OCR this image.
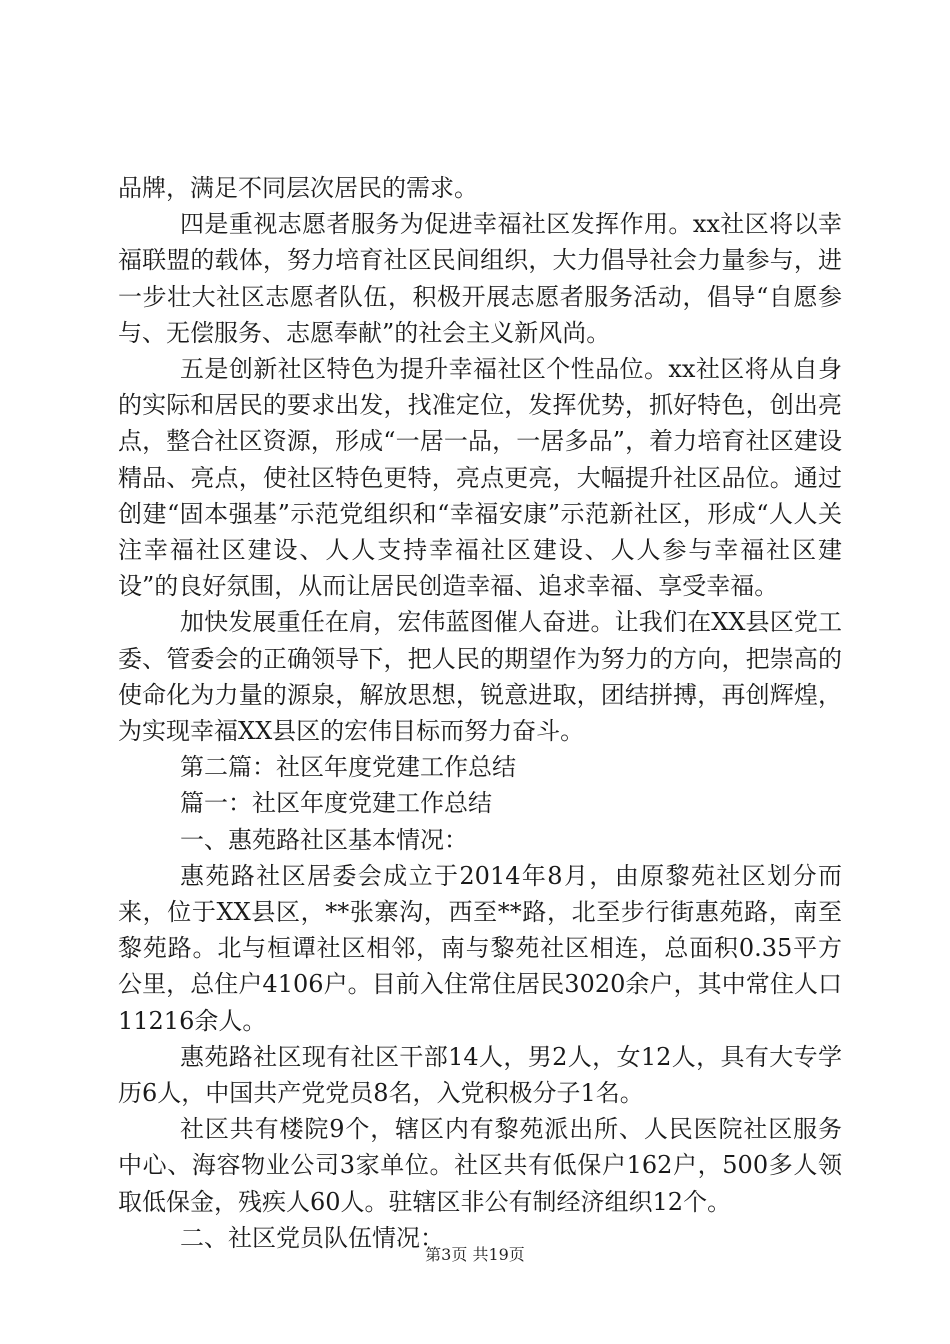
品牌，满足不同层次居民的需求。

四是重视志愿者服务为促进幸福社区发挥作用。xx社区将以幸福联盟的载体，努力培育社区民间组织，大力倡导社会力量参与，进一步壮大社区志愿者队伍，积极开展志愿者服务活动，倡导“自愿参与、无偿服务、志愿奉献”的社会主义新风尚。

五是创新社区特色为提升幸福社区个性品位。xx社区将从自身的实际和居民的要求出发，找准定位，发挥优势，抓好特色，创出亮点，整合社区资源，形成“一居一品，一居多品”，着力培育社区建设精品、亮点，使社区特色更特，亮点更亮，大幅提升社区品位。通过创建“固本强基”示范党组织和“幸福安康”示范新社区，形成“人人关注幸福社区建设、人人支持幸福社区建设、人人参与幸福社区建设”的良好氛围，从而让居民创造幸福、追求幸福、享受幸福。

加快发展重任在肩，宏伟蓝图催人奋进。让我们在XX县区党工委、管委会的正确领导下，把人民的期望作为努力的方向，把崇高的使命化为力量的源泉，解放思想，锐意进取，团结拼搏，再创辉煌，为实现幸福XX县区的宏伟目标而努力奋斗。

第二篇：社区年度党建工作总结

篇一：社区年度党建工作总结

一、惠苑路社区基本情况：

惠苑路社区居委会成立于2014年8月，由原黎苑社区划分而来，位于XX县区，**张寨沟，西至**路，北至步行街惠苑路，南至黎苑路。北与桓谭社区相邻，南与黎苑社区相连，总面积0.35平方公里，总住户4106户。目前入住常住居民3020余户，其中常住人口11216余人。

惠苑路社区现有社区干部14人，男2人，女12人，具有大专学历6人，中国共产党党员8名，入党积极分子1名。

社区共有楼院9个，辖区内有黎苑派出所、人民医院社区服务中心、海容物业公司3家单位。社区共有低保户162户，500多人领取低保金，残疾人60人。驻辖区非公有制经济组织12个。

二、社区党员队伍情况：

第3页 共19页
